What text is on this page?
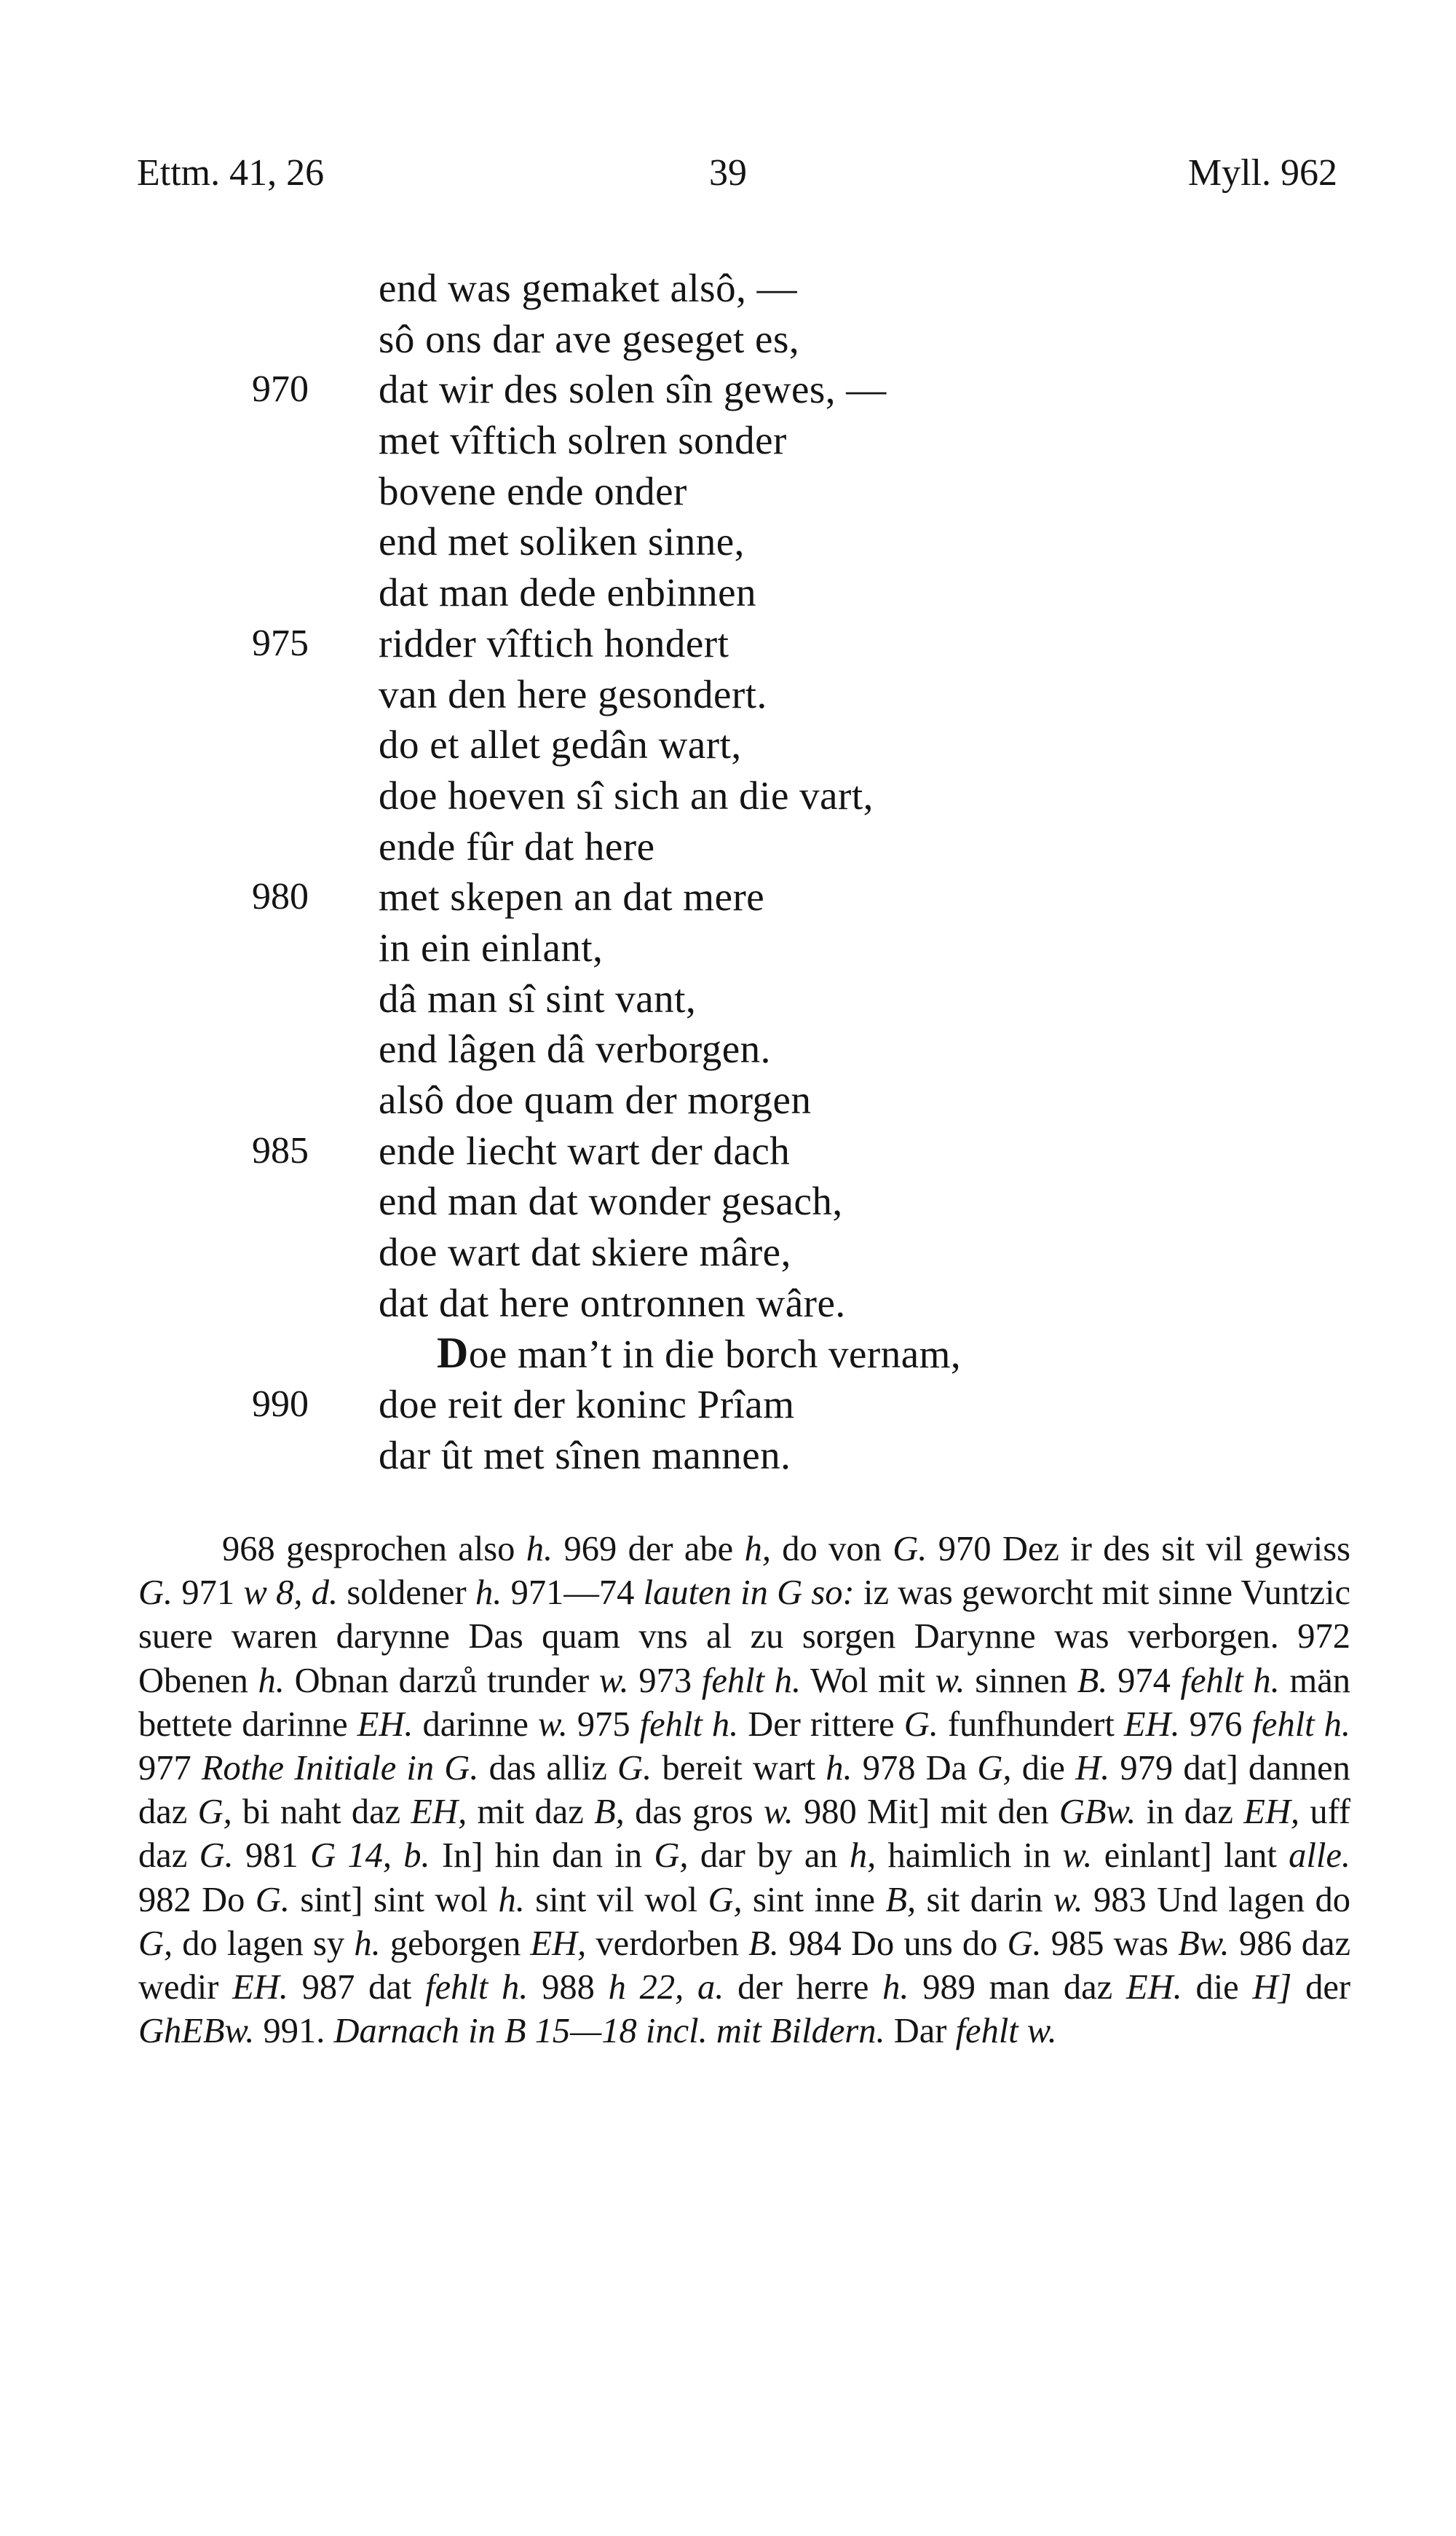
Ettm. 41, 26	39	Myll. 962
end was gemaket alsô, —
sô ons dar ave geseget es,
970 dat wir des solen sîn gewes, —
met vîftich solren sonder
bovene ende onder
end met soliken sinne,
dat man dede enbinnen
975 ridder vîftich hondert
van den here gesondert.
do et allet gedân wart,
doe hoeven sî sich an die vart,
ende fûr dat here
980 met skepen an dat mere
in ein einlant,
dâ man sî sint vant,
end lâgen dâ verborgen.
alsô doe quam der morgen
985 ende liecht wart der dach
end man dat wonder gesach,
doe wart dat skiere mâre,
dat dat here ontronnen wâre.
Doe man’t in die borch vernam,
990 doe reit der koninc Prîam
dar ût met sînen mannen.
968 gesprochen also h. 969 der abe h, do von G. 970 Dez ir des sit vil gewiss G. 971 w 8, d. soldener h. 971—74 lauten in G so: iz was geworcht mit sinne Vuntzic suere waren darynne Das quam vns al zu sorgen Darynne was verborgen. 972 Obenen h. Obnan darzů trunder w. 973 fehlt h. Wol mit w. sinnen B. 974 fehlt h. män bettete darinne EH. darinne w. 975 fehlt h. Der rittere G. funfhundert EH. 976 fehlt h. 977 Rothe Initiale in G. das alliz G. bereit wart h. 978 Da G, die H. 979 dat] dannen daz G, bi naht daz EH, mit daz B, das gros w. 980 Mit] mit den GBw. in daz EH, uff daz G. 981 G 14, b. In] hin dan in G, dar by an h, haimlich in w. einlant] lant alle. 982 Do G. sint] sint wol h. sint vil wol G, sint inne B, sit darin w. 983 Und lagen do G, do lagen sy h. geborgen EH, verdorben B. 984 Do uns do G. 985 was Bw. 986 daz wedir EH. 987 dat fehlt h. 988 h 22, a. der herre h. 989 man daz EH. die H] der GhEBw. 991. Darnach in B 15—18 incl. mit Bildern. Dar fehlt w.
